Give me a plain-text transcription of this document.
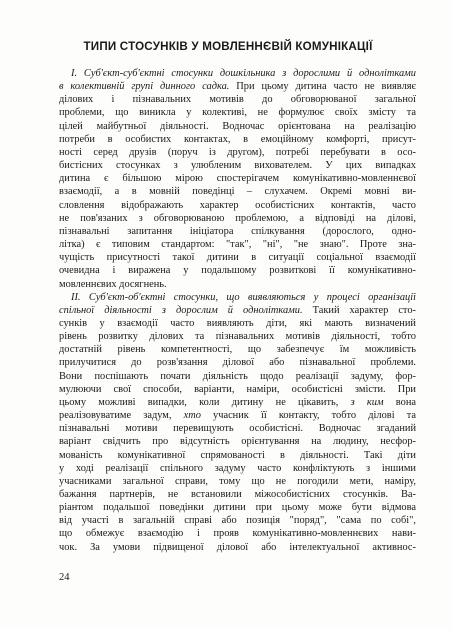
ТИПИ СТОСУНКІВ У МОВЛЕННЄВІЙ КОМУНІКАЦІЇ
I. Суб'єкт-суб'єктні стосунки дошкільника з дорослими й однолітками
в колективній групі динного садка. При цьому дитина часто не виявляє
ділових і пізнавальних мотивів до обговорюваної загальної
проблеми, що виникла у колективі, не формулює своїх змісту та
цілей майбутньої діяльності. Водночас орієнтована на реалізацію
потреби в особистих контактах, в емоційному комфорті, присут-
ності серед друзів (поруч із другом), потребі перебувати в осо-
бистісних стосунках з улюбленим вихователем. У цих випадках
дитина є більшою мірою спостерігачем комунікативно-мовленнєвої
взаємодії, а в мовній поведінці – слухачем. Окремі мовні ви-
словлення відображають характер особистісних контактів, часто
не пов'язаних з обговорюваною проблемою, а відповіді на ділові,
пізнавальні запитання ініціатора спілкування (дорослого, одно-
літка) є типовим стандартом: "так", "ні", "не знаю". Проте зна-
чущість присутності такої дитини в ситуації соціальної взаємодії
очевидна і виражена у подальшому розвиткові її комунікативно-
мовленнєвих досягнень.
II. Суб'єкт-об'єктні стосунки, що виявляються у процесі організації
спільної діяльності з дорослим й однолітками. Такий характер сто-
сунків у взаємодії часто виявляють діти, які мають визначений
рівень розвитку ділових та пізнавальних мотивів діяльності, тобто
достатній рівень компетентності, що забезпечує їм можливість
прилучитися до розв'язання ділової або пізнавальної проблеми.
Вони поспішають почати діяльність щодо реалізації задуму, фор-
мулюючи свої способи, варіанти, наміри, особистісні змісти. При
цьому можливі випадки, коли дитину не цікавить, з ким вона
реалізовуватиме задум, хто учасник її контакту, тобто ділові та
пізнавальні мотиви перевищують особистісні. Водночас згаданий
варіант свідчить про відсутність орієнтування на людину, несфор-
мованість комунікативної спрямованості в діяльності. Такі діти
у ході реалізації спільного задуму часто конфліктують з іншими
учасниками загальної справи, тому що не погодили мети, наміру,
бажання партнерів, не встановили міжособистісних стосунків. Ва-
ріантом подальшої поведінки дитини при цьому може бути відмова
від участі в загальній справі або позиція "поряд", "сама по собі",
що обмежує взаємодію і прояв комунікативно-мовленнєвих нави-
чок. За умови підвищеної ділової або інтелектуальної активнос-
24
